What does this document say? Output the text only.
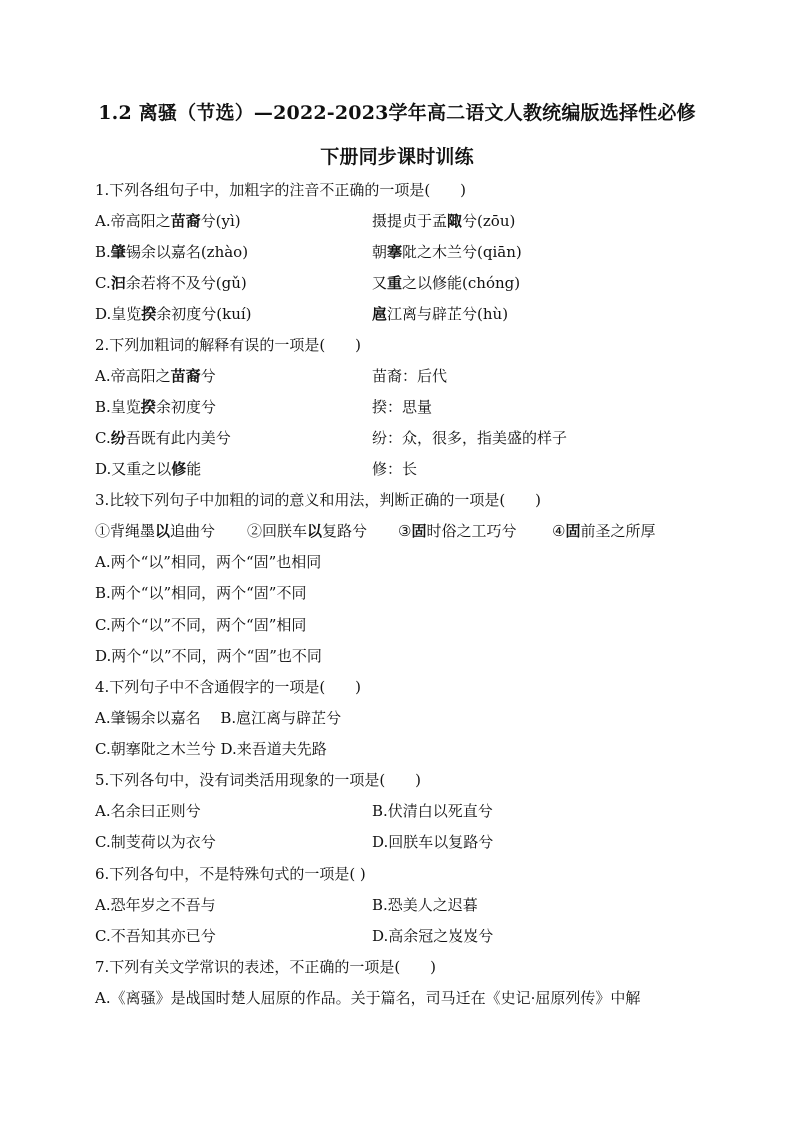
1.2 离骚（节选）—2022-2023学年高二语文人教统编版选择性必修
下册同步课时训练
1.下列各组句子中，加粗字的注音不正确的一项是(　　)
A.帝高阳之苗裔兮(yì)	摄提贞于孟陬兮(zōu)
B.肇锡余以嘉名(zhào)	朝搴阰之木兰兮(qiān)
C.汩余若将不及兮(gǔ)	又重之以修能(chóng)
D.皇览揆余初度兮(kuí)	扈江离与辟芷兮(hù)
2.下列加粗词的解释有误的一项是(　　)
A.帝高阳之苗裔兮	苗裔：后代
B.皇览揆余初度兮	揆：思量
C.纷吾既有此内美兮	纷：众，很多，指美盛的样子
D.又重之以修能	修：长
3.比较下列句子中加粗的词的意义和用法，判断正确的一项是(　　)
①背绳墨以追曲兮 ②回朕车以复路兮 ③固时俗之工巧兮 ④固前圣之所厚
A.两个“以”相同，两个“固”也相同
B.两个“以”相同，两个“固”不同
C.两个“以”不同，两个“固”相同
D.两个“以”不同，两个“固”也不同
4.下列句子中不含通假字的一项是(　　)
A.肇锡余以嘉名　 B.扈江离与辟芷兮
C.朝搴阰之木兰兮 D.来吾道夫先路
5.下列各句中，没有词类活用现象的一项是(　　)
A.名余曰正则兮	B.伏清白以死直兮
C.制芰荷以为衣兮	D.回朕车以复路兮
6.下列各句中，不是特殊句式的一项是( )
A.恐年岁之不吾与	B.恐美人之迟暮
C.不吾知其亦已兮	D.高余冠之岌岌兮
7.下列有关文学常识的表述，不正确的一项是(　　)
A.《离骚》是战国时楚人屈原的作品。关于篇名，司马迁在《史记·屈原列传》中解
